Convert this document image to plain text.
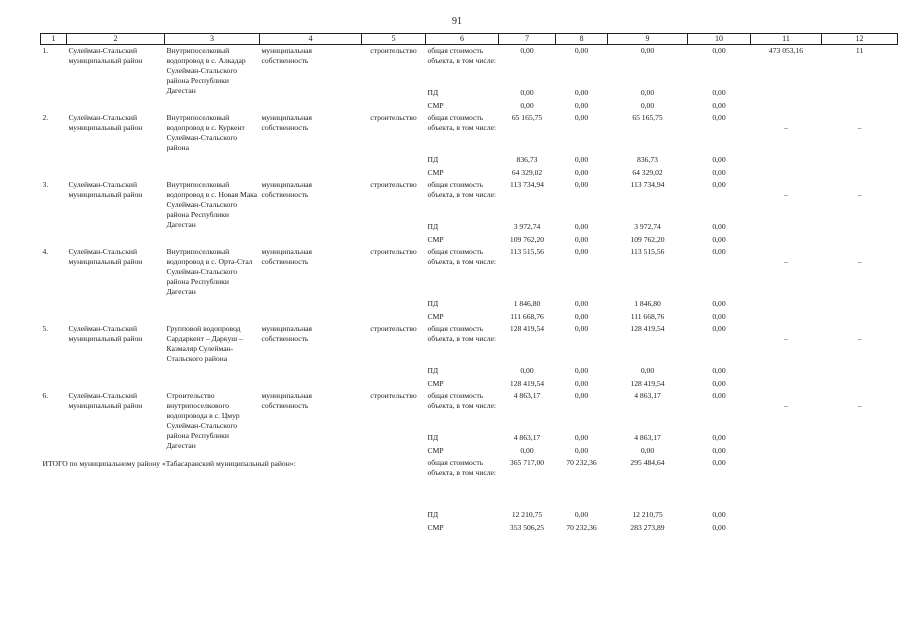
91
1	2	3	4	5	6	7	8	9	10	11	12
1.	Сулейман-Стальский муниципальный район	Внутрипоселковый водопровод в с. Алкадар Сулейман-Стальского района Республики Дагестан	муниципальная собственность	строительство	общая стоимость объекта, в том числе:	0,00	0,00	0,00	0,00	473 053,16	11
					ПД	0,00	0,00	0,00	0,00		
					СМР	0,00	0,00	0,00	0,00		
2.	Сулейман-Стальский муниципальный район	Внутрипоселковый водопровод в с. Куркент Сулейман-Стальского района	муниципальная собственность	строительство	общая стоимость объекта, в том числе:	65 165,75	0,00	65 165,75	0,00	–	–

					ПД	836,73	0,00	836,73	0,00		
					СМР	64 329,02	0,00	64 329,02	0,00		
3.	Сулейман-Стальский муниципальный район	Внутрипоселковый водопровод в с. Новая Мака Сулейман-Стальского района Республики Дагестан	муниципальная собственность	строительство	общая стоимость объекта, в том числе:	113 734,94	0,00	113 734,94	0,00	–	–

					ПД	3 972,74	0,00	3 972,74	0,00		
					СМР	109 762,20	0,00	109 762,20	0,00		
4.	Сулейман-Стальский муниципальный район	Внутрипоселковый водопровод в с. Орта-Стал Сулейман-Стальского района Республики Дагестан	муниципальная собственность	строительство	общая стоимость объекта, в том числе:	113 515,56	0,00	113 515,56	0,00	–	–

					ПД	1 846,80	0,00	1 846,80	0,00		
					СМР	111 668,76	0,00	111 668,76	0,00		
5.	Сулейман-Стальский муниципальный район	Групповой водопровод Сардаркент – Даркуш – Казмаляр Сулейман-Стальского района	муниципальная собственность	строительство	общая стоимость объекта, в том числе:	128 419,54	0,00	128 419,54	0,00	–	–

					ПД	0,00	0,00	0,00	0,00		
					СМР	128 419,54	0,00	128 419,54	0,00		
6.	Сулейман-Стальский муниципальный район	Строительство внутрипоселкового водопровода в с. Цмур Сулейман-Стальского района Республики Дагестан	муниципальная собственность	строительство	общая стоимость объекта, в том числе:	4 863,17	0,00	4 863,17	0,00	–	–

					ПД	4 863,17	0,00	4 863,17	0,00		
					СМР	0,00	0,00	0,00	0,00		
ИТОГО по муниципальному району «Табасаранский муниципальный район»:					общая стоимость объекта, в том числе:	365 717,00	70 232,36	295 484,64	0,00		
					ПД	12 210,75	0,00	12 210,75	0,00		
					СМР	353 506,25	70 232,36	283 273,89	0,00		
